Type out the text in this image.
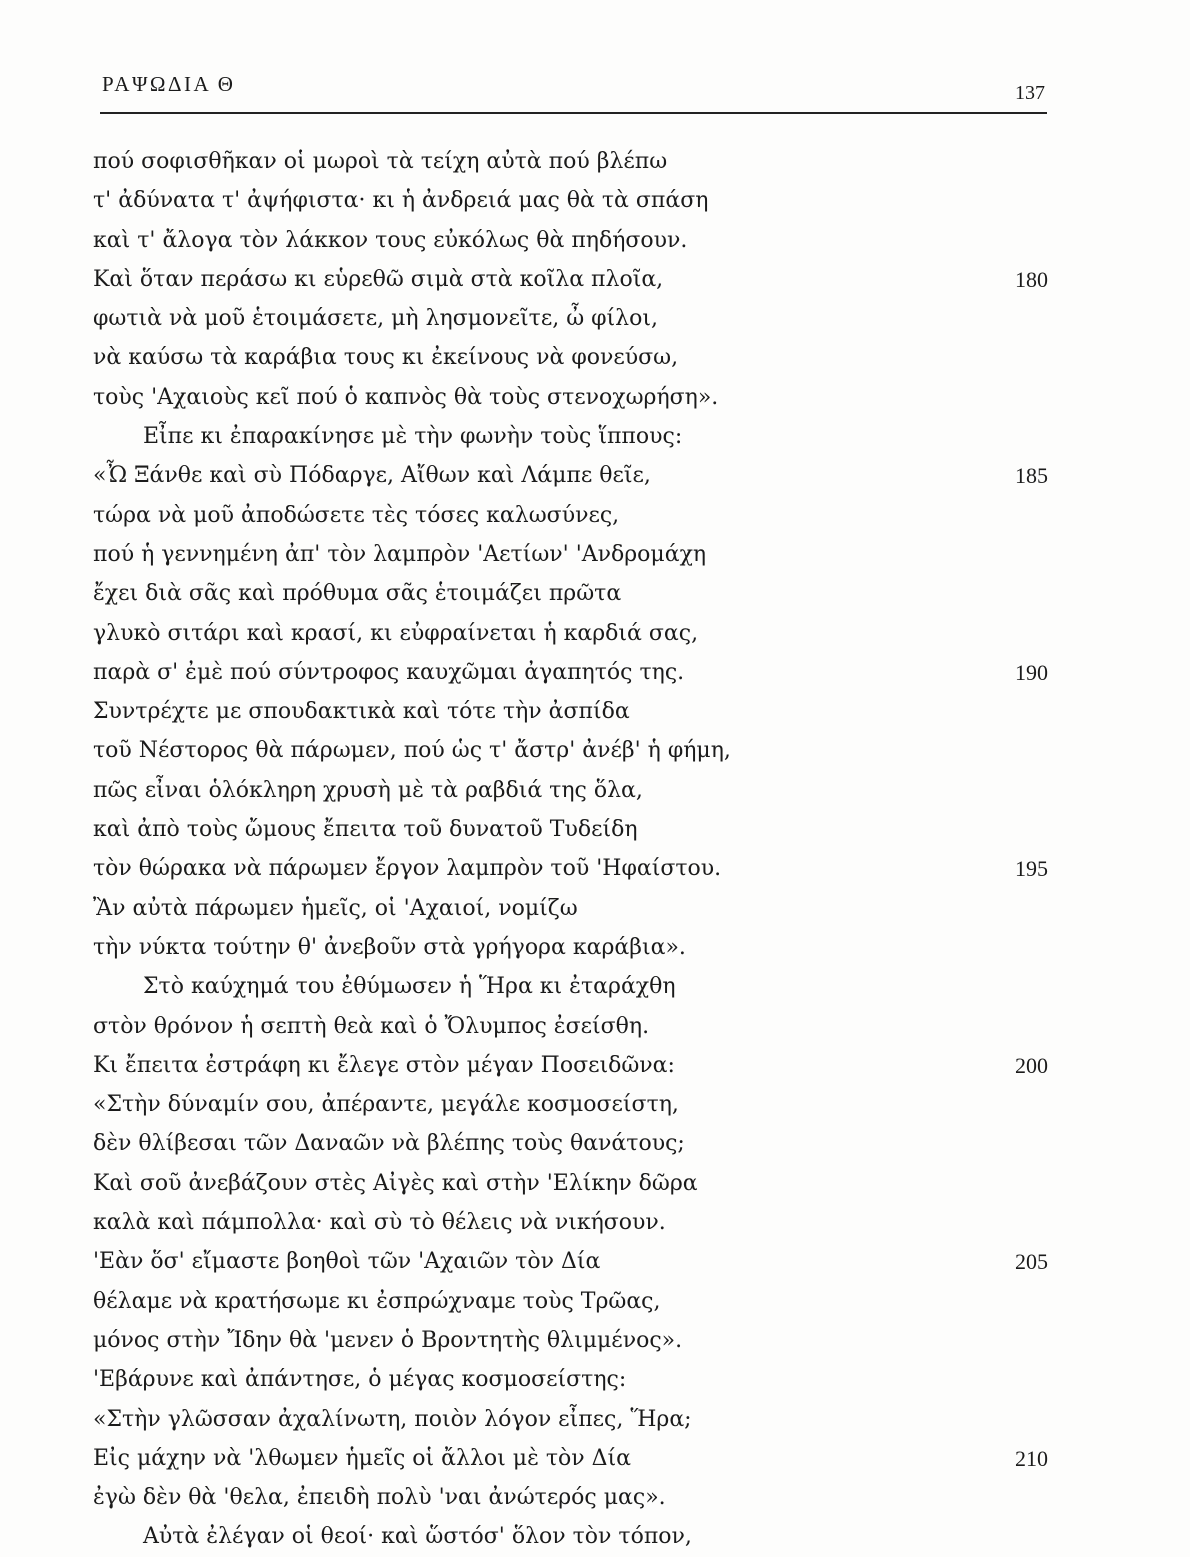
ΡΑΨΩΔΙΑ Θ	137
πού σοφισθῆκαν οἱ μωροὶ τὰ τείχη αὐτὰ πού βλέπω
τ' ἀδύνατα τ' ἀψήφιστα· κι ἡ ἀνδρειά μας θὰ τὰ σπάση
καὶ τ' ἄλογα τὸν λάκκον τους εὐκόλως θὰ πηδήσουν.
Καὶ ὅταν περάσω κι εὑρεθῶ σιμὰ στὰ κοῖλα πλοῖα,	180
φωτιὰ νὰ μοῦ ἑτοιμάσετε, μὴ λησμονεῖτε, ὦ φίλοι,
νὰ καύσω τὰ καράβια τους κι ἐκείνους νὰ φονεύσω,
τοὺς 'Αχαιοὺς κεῖ πού ὁ καπνὸς θὰ τοὺς στενοχωρήση».
Εἶπε κι ἐπαρακίνησε μὲ τὴν φωνὴν τοὺς ἵππους:
«Ὦ Ξάνθε καὶ σὺ Πόδαργε, Αἴθων καὶ Λάμπε θεῖε,	185
τώρα νὰ μοῦ ἀποδώσετε τὲς τόσες καλωσύνες,
πού ἡ γεννημένη ἀπ' τὸν λαμπρὸν 'Αετίων' 'Ανδρομάχη
ἔχει διὰ σᾶς καὶ πρόθυμα σᾶς ἑτοιμάζει πρῶτα
γλυκὸ σιτάρι καὶ κρασί, κι εὐφραίνεται ἡ καρδιά σας,
παρὰ σ' ἐμὲ πού σύντροφος καυχῶμαι ἀγαπητός της.	190
Συντρέχτε με σπουδακτικὰ καὶ τότε τὴν ἀσπίδα
τοῦ Νέστορος θὰ πάρωμεν, πού ὡς τ' ἄστρ' ἀνέβ' ἡ φήμη,
πῶς εἶναι ὁλόκληρη χρυσὴ μὲ τὰ ραβδιά της ὅλα,
καὶ ἀπὸ τοὺς ὤμους ἔπειτα τοῦ δυνατοῦ Τυδείδη
τὸν θώρακα νὰ πάρωμεν ἔργον λαμπρὸν τοῦ 'Ηφαίστου.	195
Ἂν αὐτὰ πάρωμεν ἡμεῖς, οἱ 'Αχαιοί, νομίζω
τὴν νύκτα τούτην θ' ἀνεβοῦν στὰ γρήγορα καράβια».
Στὸ καύχημά του ἐθύμωσεν ἡ Ἥρα κι ἐταράχθη
στὸν θρόνον ἡ σεπτὴ θεὰ καὶ ὁ Ὄλυμπος ἐσείσθη.
Κι ἔπειτα ἐστράφη κι ἔλεγε στὸν μέγαν Ποσειδῶνα:	200
«Στὴν δύναμίν σου, ἀπέραντε, μεγάλε κοσμοσείστη,
δὲν θλίβεσαι τῶν Δαναῶν νὰ βλέπης τοὺς θανάτους;
Καὶ σοῦ ἀνεβάζουν στὲς Αἰγὲς καὶ στὴν 'Ελίκην δῶρα
καλὰ καὶ πάμπολλα· καὶ σὺ τὸ θέλεις νὰ νικήσουν.
'Εὰν ὅσ' εἴμαστε βοηθοὶ τῶν 'Αχαιῶν τὸν Δία	205
θέλαμε νὰ κρατήσωμε κι ἐσπρώχναμε τοὺς Τρῶας,
μόνος στὴν Ἴδην θὰ 'μενεν ὁ Βροντητὴς θλιμμένος».
'Εβάρυνε καὶ ἀπάντησε, ὁ μέγας κοσμοσείστης:
«Στὴν γλῶσσαν ἀχαλίνωτη, ποιὸν λόγον εἶπες, Ἥρα;
Εἰς μάχην νὰ 'λθωμεν ἡμεῖς οἱ ἄλλοι μὲ τὸν Δία	210
ἐγὼ δὲν θὰ 'θελα, ἐπειδὴ πολὺ 'ναι ἀνώτερός μας».
Αὐτὰ ἐλέγαν οἱ θεοί· καὶ ὥστόσ' ὅλον τὸν τόπον,
